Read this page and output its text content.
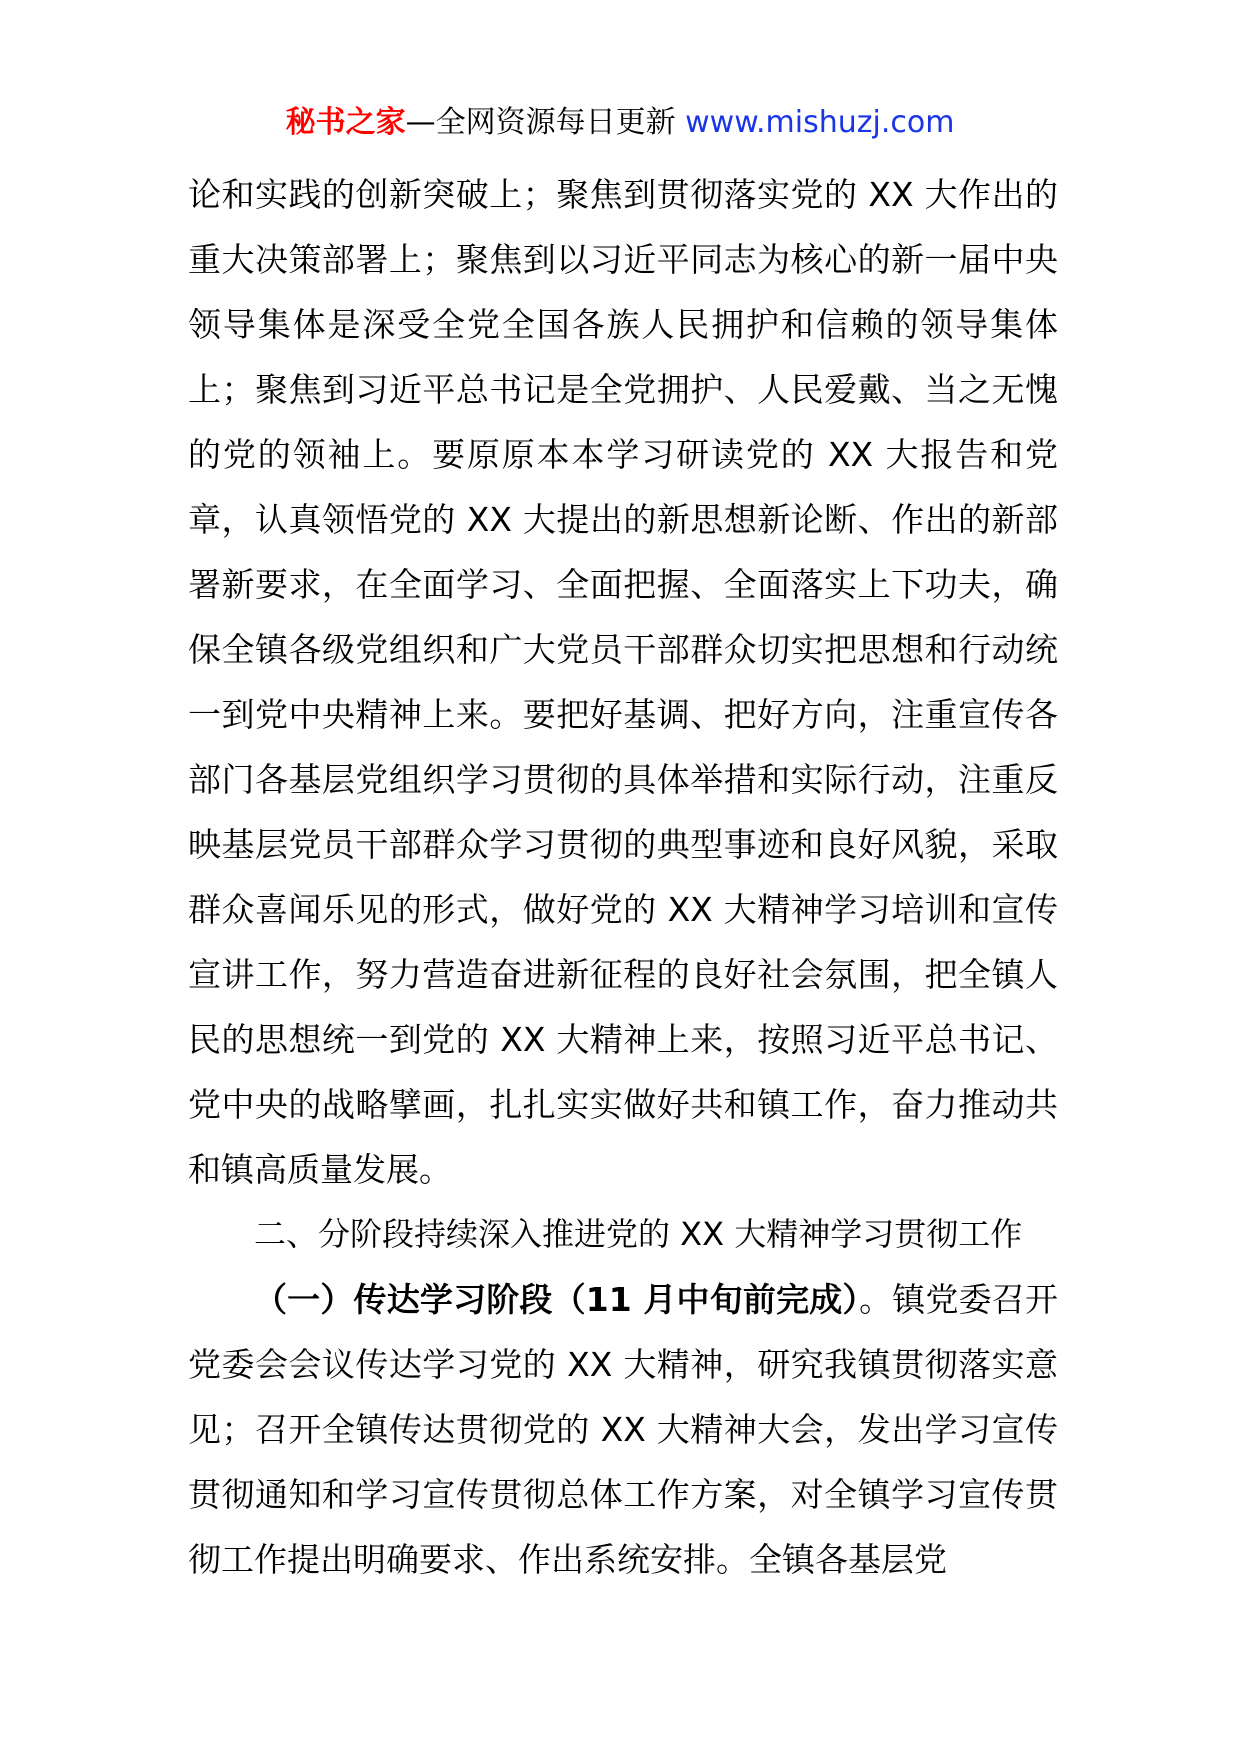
秘书之家—全网资源每日更新 www.mishuzj.com

论和实践的创新突破上；聚焦到贯彻落实党的 XX 大作出的重大决策部署上；聚焦到以习近平同志为核心的新一届中央领导集体是深受全党全国各族人民拥护和信赖的领导集体上；聚焦到习近平总书记是全党拥护、人民爱戴、当之无愧的党的领袖上。要原原本本学习研读党的 XX 大报告和党章，认真领悟党的 XX 大提出的新思想新论断、作出的新部署新要求，在全面学习、全面把握、全面落实上下功夫，确保全镇各级党组织和广大党员干部群众切实把思想和行动统一到党中央精神上来。要把好基调、把好方向，注重宣传各部门各基层党组织学习贯彻的具体举措和实际行动，注重反映基层党员干部群众学习贯彻的典型事迹和良好风貌，采取群众喜闻乐见的形式，做好党的 XX 大精神学习培训和宣传宣讲工作，努力营造奋进新征程的良好社会氛围，把全镇人民的思想统一到党的 XX 大精神上来，按照习近平总书记、党中央的战略擘画，扎扎实实做好共和镇工作，奋力推动共和镇高质量发展。

二、分阶段持续深入推进党的 XX 大精神学习贯彻工作

（一）传达学习阶段（11 月中旬前完成）。镇党委召开党委会会议传达学习党的 XX 大精神，研究我镇贯彻落实意见；召开全镇传达贯彻党的 XX 大精神大会，发出学习宣传贯彻通知和学习宣传贯彻总体工作方案，对全镇学习宣传贯彻工作提出明确要求、作出系统安排。全镇各基层党
